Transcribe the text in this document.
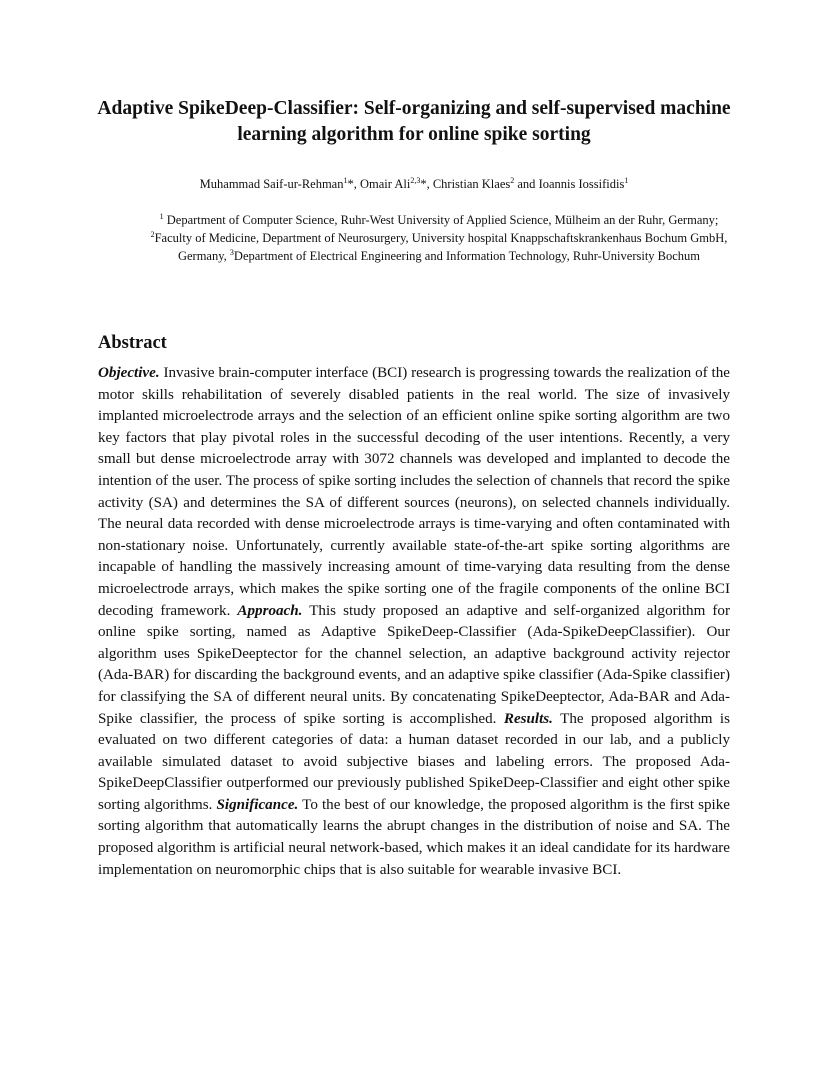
Adaptive SpikeDeep-Classifier: Self-organizing and self-supervised machine learning algorithm for online spike sorting
Muhammad Saif-ur-Rehman$^1$*, Omair Ali$^{2,3}$*, Christian Klaes$^2$ and Ioannis Iossifidis$^1$
$^1$ Department of Computer Science, Ruhr-West University of Applied Science, Mülheim an der Ruhr, Germany; $^2$Faculty of Medicine, Department of Neurosurgery, University hospital Knappschaftskrankenhaus Bochum GmbH, Germany, $^3$Department of Electrical Engineering and Information Technology, Ruhr-University Bochum
Abstract

Objective. Invasive brain-computer interface (BCI) research is progressing towards the realization of the motor skills rehabilitation of severely disabled patients in the real world. The size of invasively implanted microelectrode arrays and the selection of an efficient online spike sorting algorithm are two key factors that play pivotal roles in the successful decoding of the user intentions. Recently, a very small but dense microelectrode array with 3072 channels was developed and implanted to decode the intention of the user. The process of spike sorting includes the selection of channels that record the spike activity (SA) and determines the SA of different sources (neurons), on selected channels individually. The neural data recorded with dense microelectrode arrays is time-varying and often contaminated with non-stationary noise. Unfortunately, currently available state-of-the-art spike sorting algorithms are incapable of handling the massively increasing amount of time-varying data resulting from the dense microelectrode arrays, which makes the spike sorting one of the fragile components of the online BCI decoding framework. Approach. This study proposed an adaptive and self-organized algorithm for online spike sorting, named as Adaptive SpikeDeep-Classifier (Ada-SpikeDeepClassifier). Our algorithm uses SpikeDeeptector for the channel selection, an adaptive background activity rejector (Ada-BAR) for discarding the background events, and an adaptive spike classifier (Ada-Spike classifier) for classifying the SA of different neural units. By concatenating SpikeDeeptector, Ada-BAR and Ada-Spike classifier, the process of spike sorting is accomplished. Results. The proposed algorithm is evaluated on two different categories of data: a human dataset recorded in our lab, and a publicly available simulated dataset to avoid subjective biases and labeling errors. The proposed Ada-SpikeDeepClassifier outperformed our previously published SpikeDeep-Classifier and eight other spike sorting algorithms. Significance. To the best of our knowledge, the proposed algorithm is the first spike sorting algorithm that automatically learns the abrupt changes in the distribution of noise and SA. The proposed algorithm is artificial neural network-based, which makes it an ideal candidate for its hardware implementation on neuromorphic chips that is also suitable for wearable invasive BCI.
